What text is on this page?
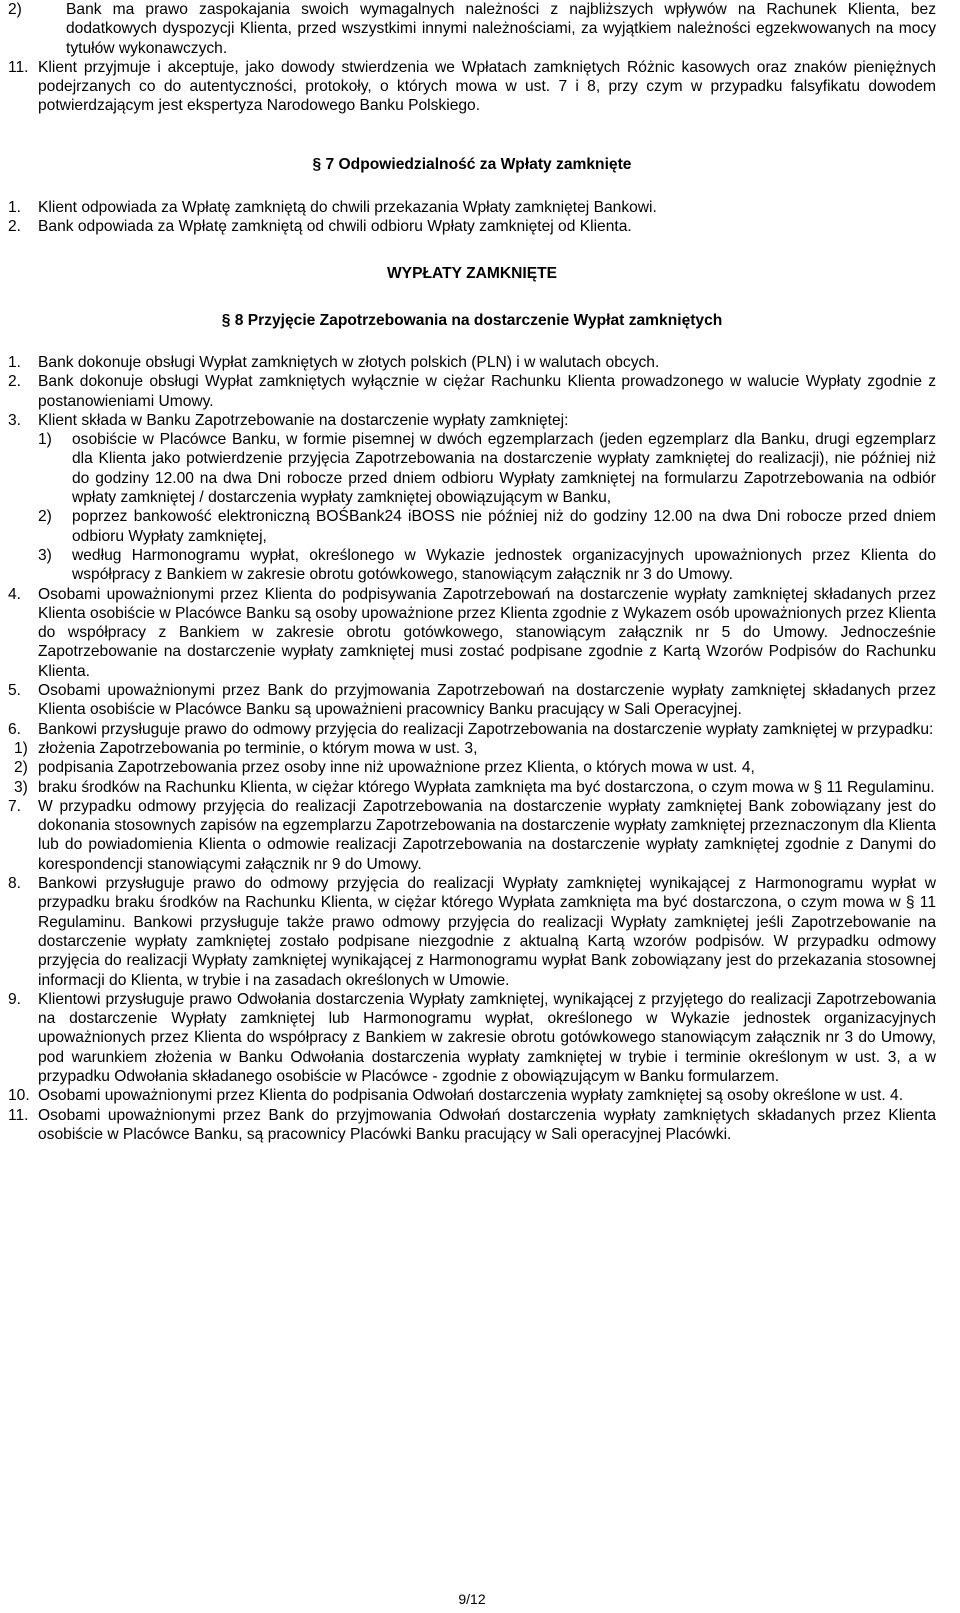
2)	Bank ma prawo zaspokajania swoich wymagalnych należności z najbliższych wpływów na Rachunek Klienta, bez dodatkowych dyspozycji Klienta, przed wszystkimi innymi należnościami, za wyjątkiem należności egzekwowanych na mocy tytułów wykonawczych.
11. Klient przyjmuje i akceptuje, jako dowody stwierdzenia we Wpłatach zamkniętych Różnic kasowych oraz znaków pieniężnych podejrzanych co do autentyczności, protokoły, o których mowa w ust. 7 i 8, przy czym w przypadku falsyfikatu dowodem potwierdzającym jest ekspertyza Narodowego Banku Polskiego.

§ 7 Odpowiedzialność za Wpłaty zamknięte

1.	Klient odpowiada za Wpłatę zamkniętą do chwili przekazania Wpłaty zamkniętej Bankowi.
2.	Bank odpowiada za Wpłatę zamkniętą od chwili odbioru Wpłaty zamkniętej od Klienta.

WYPŁATY ZAMKNIĘTE

§ 8 Przyjęcie Zapotrzebowania na dostarczenie Wypłat zamkniętych

1.	Bank dokonuje obsługi Wypłat zamkniętych w złotych polskich (PLN) i w walutach obcych.
2.	Bank dokonuje obsługi Wypłat zamkniętych wyłącznie w ciężar Rachunku Klienta prowadzonego w walucie Wypłaty zgodnie z postanowieniami Umowy.
3.	Klient składa w Banku Zapotrzebowanie na dostarczenie wypłaty zamkniętej:
1)	osobiście w Placówce Banku, w formie pisemnej w dwóch egzemplarzach (jeden egzemplarz dla Banku, drugi egzemplarz dla Klienta jako potwierdzenie przyjęcia Zapotrzebowania na dostarczenie wypłaty zamkniętej do realizacji), nie później niż do godziny 12.00 na dwa Dni robocze przed dniem odbioru Wypłaty zamkniętej na formularzu Zapotrzebowania na odbiór wpłaty zamkniętej / dostarczenia wypłaty zamkniętej obowiązującym w Banku,
2)	poprzez bankowość elektroniczną BOŚBank24 iBOSS nie później niż do godziny 12.00 na dwa Dni robocze przed dniem odbioru Wypłaty zamkniętej,
3)	według Harmonogramu wypłat, określonego w Wykazie jednostek organizacyjnych upoważnionych przez Klienta do współpracy z Bankiem w zakresie obrotu gotówkowego, stanowiącym załącznik nr 3 do Umowy.
4.	Osobami upoważnionymi przez Klienta do podpisywania Zapotrzebowań na dostarczenie wypłaty zamkniętej składanych przez Klienta osobiście w Placówce Banku są osoby upoważnione przez Klienta zgodnie z Wykazem osób upoważnionych przez Klienta do współpracy z Bankiem w zakresie obrotu gotówkowego, stanowiącym załącznik nr 5 do Umowy. Jednocześnie Zapotrzebowanie na dostarczenie wypłaty zamkniętej musi zostać podpisane zgodnie z Kartą Wzorów Podpisów do Rachunku Klienta.
5.	Osobami upoważnionymi przez Bank do przyjmowania Zapotrzebowań na dostarczenie wypłaty zamkniętej składanych przez Klienta osobiście w Placówce Banku są upoważnieni pracownicy Banku pracujący w Sali Operacyjnej.
6.	Bankowi przysługuje prawo do odmowy przyjęcia do realizacji Zapotrzebowania na dostarczenie wypłaty zamkniętej w przypadku:
1) złożenia Zapotrzebowania po terminie, o którym mowa w ust. 3,
2) podpisania Zapotrzebowania przez osoby inne niż upoważnione przez Klienta, o których mowa w ust. 4,
3) braku środków na Rachunku Klienta, w ciężar którego Wypłata zamknięta ma być dostarczona, o czym mowa w § 11 Regulaminu.
7.	W przypadku odmowy przyjęcia do realizacji Zapotrzebowania na dostarczenie wypłaty zamkniętej Bank zobowiązany jest do dokonania stosownych zapisów na egzemplarzu Zapotrzebowania na dostarczenie wypłaty zamkniętej przeznaczonym dla Klienta lub do powiadomienia Klienta o odmowie realizacji Zapotrzebowania na dostarczenie wypłaty zamkniętej zgodnie z Danymi do korespondencji stanowiącymi załącznik nr 9 do Umowy.
8.	Bankowi przysługuje prawo do odmowy przyjęcia do realizacji Wypłaty zamkniętej wynikającej z Harmonogramu wypłat w przypadku braku środków na Rachunku Klienta, w ciężar którego Wypłata zamknięta ma być dostarczona, o czym mowa w § 11 Regulaminu. Bankowi przysługuje także prawo odmowy przyjęcia do realizacji Wypłaty zamkniętej jeśli Zapotrzebowanie na dostarczenie wypłaty zamkniętej zostało podpisane niezgodnie z aktualną Kartą wzorów podpisów. W przypadku odmowy przyjęcia do realizacji Wypłaty zamkniętej wynikającej z Harmonogramu wypłat Bank zobowiązany jest do przekazania stosownej informacji do Klienta, w trybie i na zasadach określonych w Umowie.
9.	Klientowi przysługuje prawo Odwołania dostarczenia Wypłaty zamkniętej, wynikającej z przyjętego do realizacji Zapotrzebowania na dostarczenie Wypłaty zamkniętej lub Harmonogramu wypłat, określonego w Wykazie jednostek organizacyjnych upoważnionych przez Klienta do współpracy z Bankiem w zakresie obrotu gotówkowego stanowiącym załącznik nr 3 do Umowy, pod warunkiem złożenia w Banku Odwołania dostarczenia wypłaty zamkniętej w trybie i terminie określonym w ust. 3, a w przypadku Odwołania składanego osobiście w Placówce - zgodnie z obowiązującym w Banku formularzem.
10. Osobami upoważnionymi przez Klienta do podpisania Odwołań dostarczenia wypłaty zamkniętej są osoby określone w ust. 4.
11. Osobami upoważnionymi przez Bank do przyjmowania Odwołań dostarczenia wypłaty zamkniętych składanych przez Klienta osobiście w Placówce Banku, są pracownicy Placówki Banku pracujący w Sali operacyjnej Placówki.
9/12
